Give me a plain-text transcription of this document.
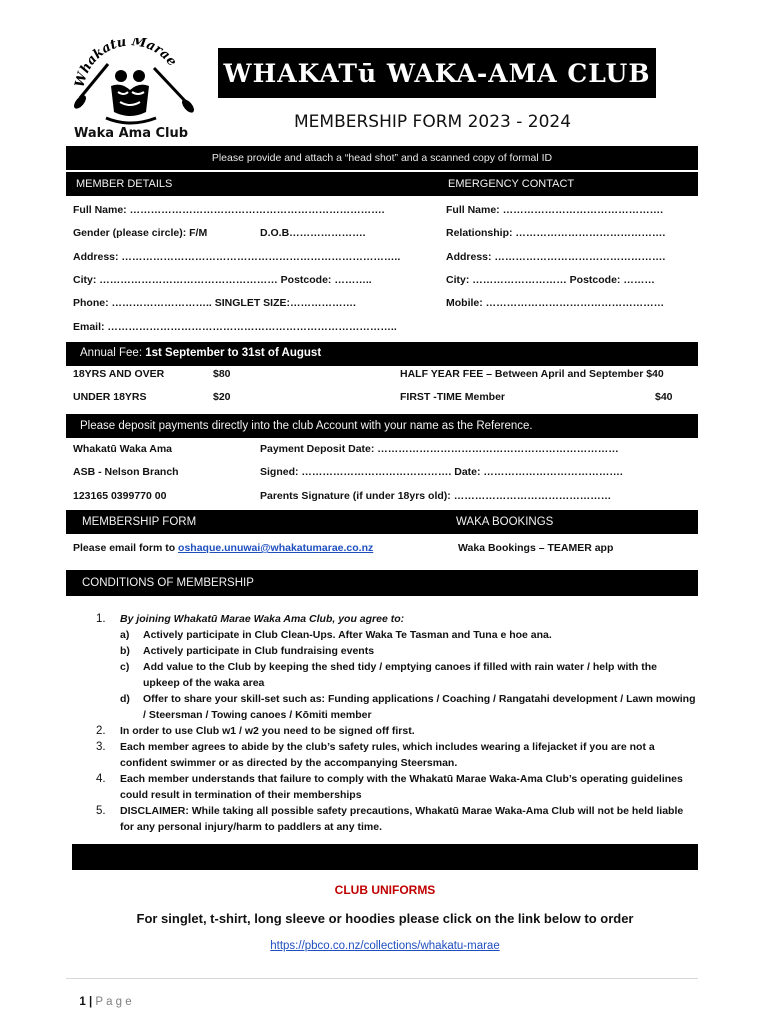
Whakatū Marae
Waka Ama Club
WHAKATū WAKA-AMA CLUB
MEMBERSHIP FORM 2023 - 2024
Please provide and attach a “head shot” and a scanned copy of formal ID
MEMBER DETAILS	EMERGENCY CONTACT
Full Name: ……………………………………………………………….
Gender (please circle): F/M	D.O.B………………….
Address: ……………………………………………………………………..
City: …………………………………………… Postcode: ………..
Phone: ……………………….. SINGLET SIZE:……………….
Email: ………………………………………………………………………..
Full Name: ……………………………………….
Relationship: …………………………………….
Address: ………………………………………….
City: ……………………… Postcode: ………
Mobile: ……………………………………………
Annual Fee: 1st September to 31st of August
18YRS AND OVER	$80	HALF YEAR FEE – Between April and September $40
UNDER 18YRS	$20	FIRST -TIME Member	$40
Please deposit payments directly into the club Account with your name as the Reference.
Whakatū Waka Ama	Payment Deposit Date: ……………………………………………………………
ASB - Nelson Branch	Signed: ……………………………………. Date: ………………………………….
123165 0399770 00	Parents Signature (if under 18yrs old): ………………………………………
MEMBERSHIP FORM	WAKA BOOKINGS
Please email form to oshaque.unuwai@whakatumarae.co.nz	Waka Bookings – TEAMER app
CONDITIONS OF MEMBERSHIP
1. By joining Whakatū Marae Waka Ama Club, you agree to:
a) Actively participate in Club Clean-Ups. After Waka Te Tasman and Tuna e hoe ana.
b) Actively participate in Club fundraising events
c) Add value to the Club by keeping the shed tidy / emptying canoes if filled with rain water / help with the upkeep of the waka area
d) Offer to share your skill-set such as: Funding applications / Coaching / Rangatahi development / Lawn mowing / Steersman / Towing canoes / Kōmiti member
2. In order to use Club w1 / w2 you need to be signed off first.
3. Each member agrees to abide by the club’s safety rules, which includes wearing a lifejacket if you are not a confident swimmer or as directed by the accompanying Steersman.
4. Each member understands that failure to comply with the Whakatū Marae Waka-Ama Club’s operating guidelines could result in termination of their memberships
5. DISCLAIMER: While taking all possible safety precautions, Whakatū Marae Waka-Ama Club will not be held liable for any personal injury/harm to paddlers at any time.
CLUB UNIFORMS
For singlet, t-shirt, long sleeve or hoodies please click on the link below to order
https://pbco.co.nz/collections/whakatu-marae

1 | P a g e
